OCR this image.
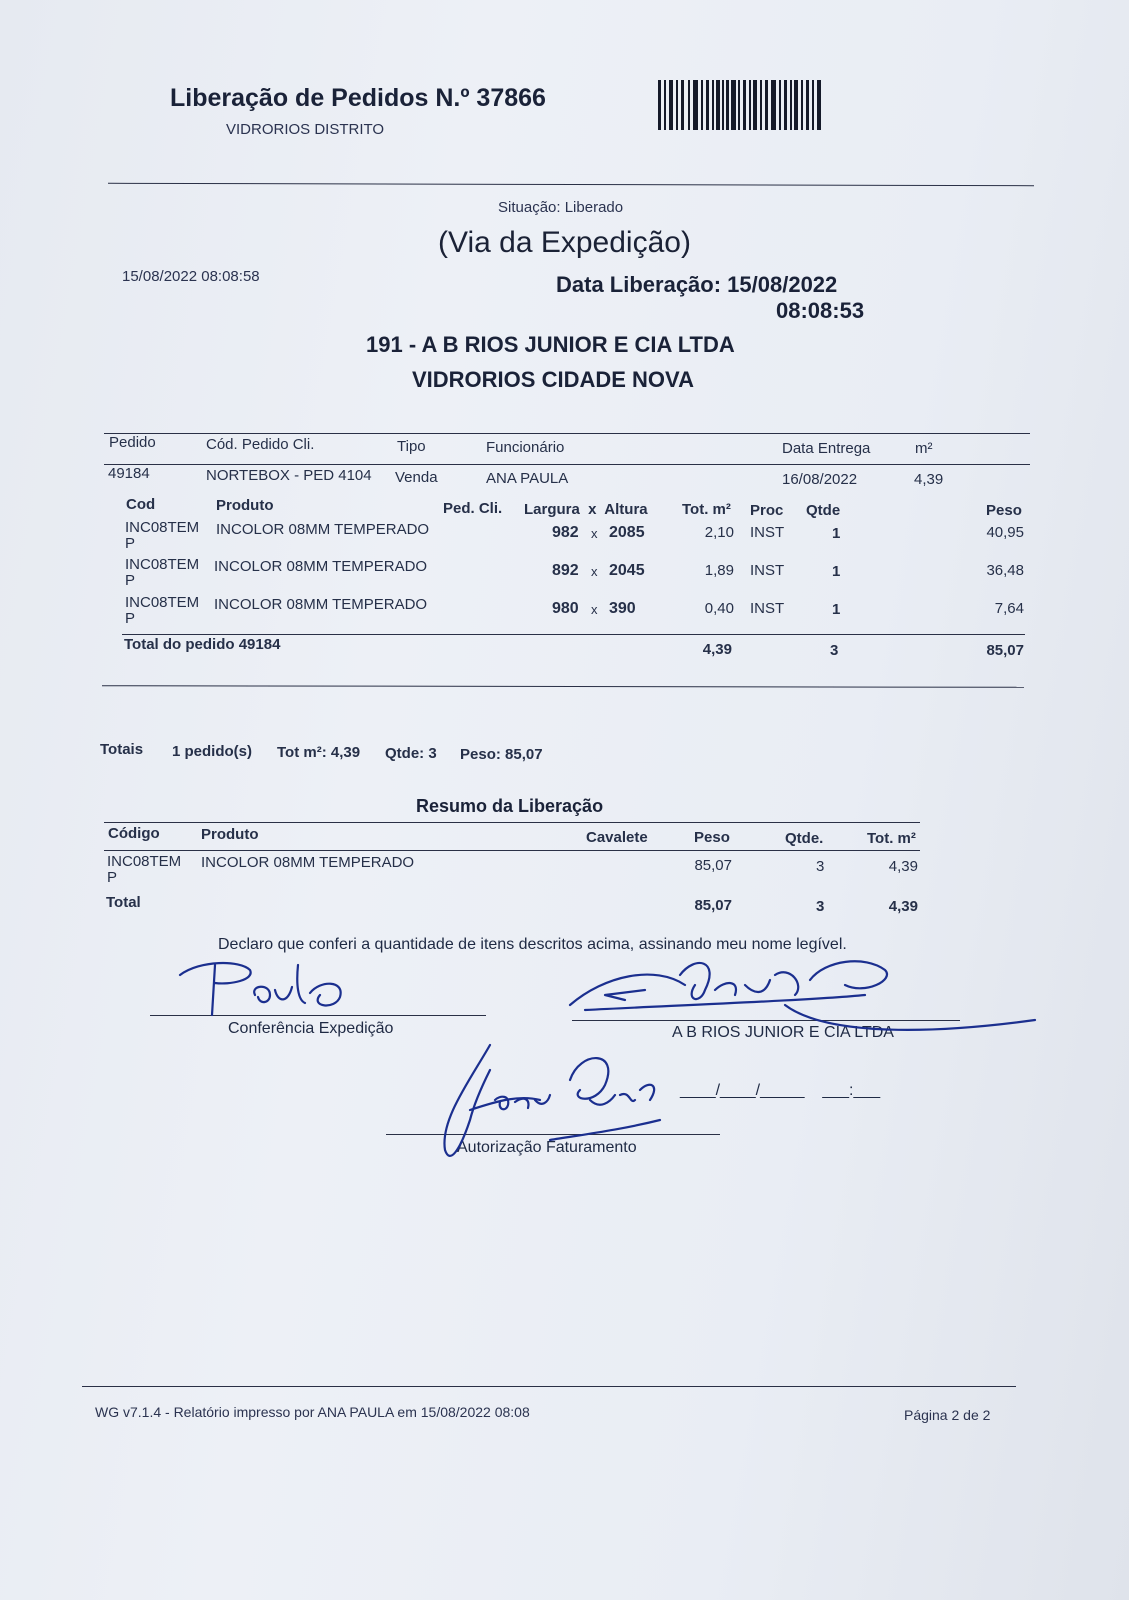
Liberação de Pedidos N.º 37866
VIDRORIOS DISTRITO
Situação: Liberado
(Via da Expedição)
15/08/2022 08:08:58	Data Liberação: 15/08/2022
08:08:53
191 - A B RIOS JUNIOR E CIA LTDA
VIDRORIOS CIDADE NOVA
Pedido	Cód. Pedido Cli.	Tipo	Funcionário	Data Entrega	m²
49184	NORTEBOX - PED 4104 Venda	ANA PAULA	16/08/2022	4,39
Cod	Produto	Ped. Cli. Largura  x  Altura Tot. m² Proc Qtde	Peso
INC08TEM
P
INCOLOR 08MM TEMPERADO	982 x 2085	2,10 INST	1	40,95
INC08TEM
P
INCOLOR 08MM TEMPERADO	892 x 2045	1,89 INST	1	36,48
INC08TEM
P
INCOLOR 08MM TEMPERADO	980 x 390	0,40 INST	1	7,64
Total do pedido 49184	4,39	3	85,07
Totais 1 pedido(s) Tot m²: 4,39 Qtde: 3 Peso: 85,07
Resumo da Liberação
Código	Produto	Cavalete	Peso	Qtde.	Tot. m²
INC08TEM
P
INCOLOR 08MM TEMPERADO	85,07	3	4,39
Total	85,07	3	4,39
Declaro que conferi a quantidade de itens descritos acima, assinando meu nome legível.
Conferência Expedição	A B RIOS JUNIOR E CIA LTDA
____/____/_____    ___:___
Autorização Faturamento
WG v7.1.4 - Relatório impresso por ANA PAULA em 15/08/2022 08:08	Página 2 de 2
